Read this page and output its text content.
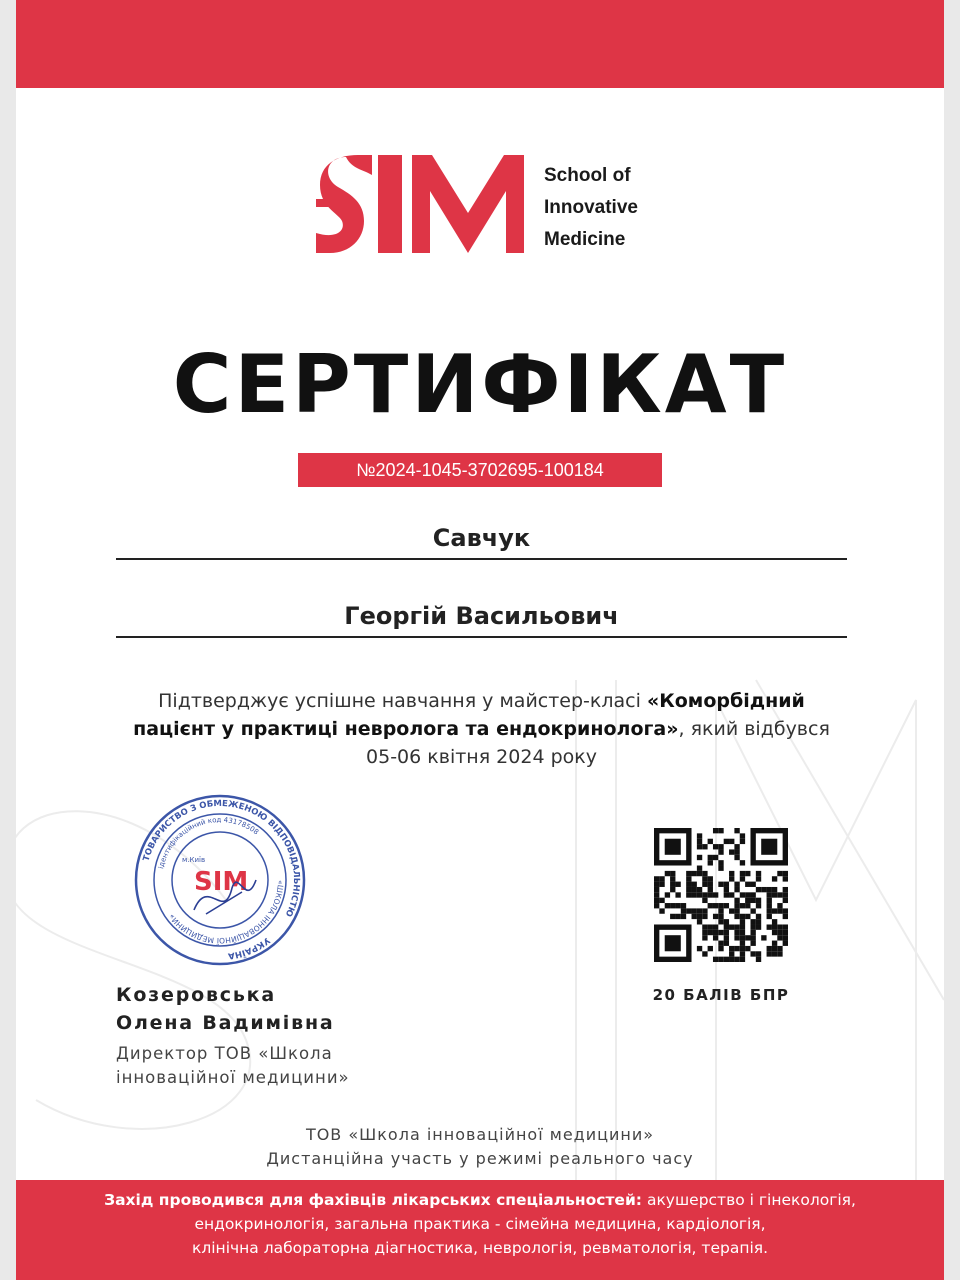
School of
Innovative
Medicine
СЕРТИФІКАТ
№2024-1045-3702695-100184
Савчук
Георгій Васильович
Підтверджує успішне навчання у майстер-класі «Коморбідний пацієнт у практиці невролога та ендокринолога», який відбувся
05-06 квітня 2024 року
ТОВАРИСТВО З ОБМЕЖЕНОЮ ВІДПОВІДАЛЬНІСТЮ
УКРАЇНА
«ШКОЛА ІННОВАЦІЙНОЇ МЕДИЦИНИ»
ідентифікаційний код 43178508
м.Київ
SIM
20 БАЛІВ БПР
Козеровська
Олена Вадимівна
Директор ТОВ «Школа
інноваційної медицини»
ТОВ «Школа інноваційної медицини»
Дистанційна участь у режимі реального часу
Захід проводився для фахівців лікарських спеціальностей: акушерство і гінекологія,
ендокринологія, загальна практика - сімейна медицина, кардіологія,
клінічна лабораторна діагностика, неврологія, ревматологія, терапія.
